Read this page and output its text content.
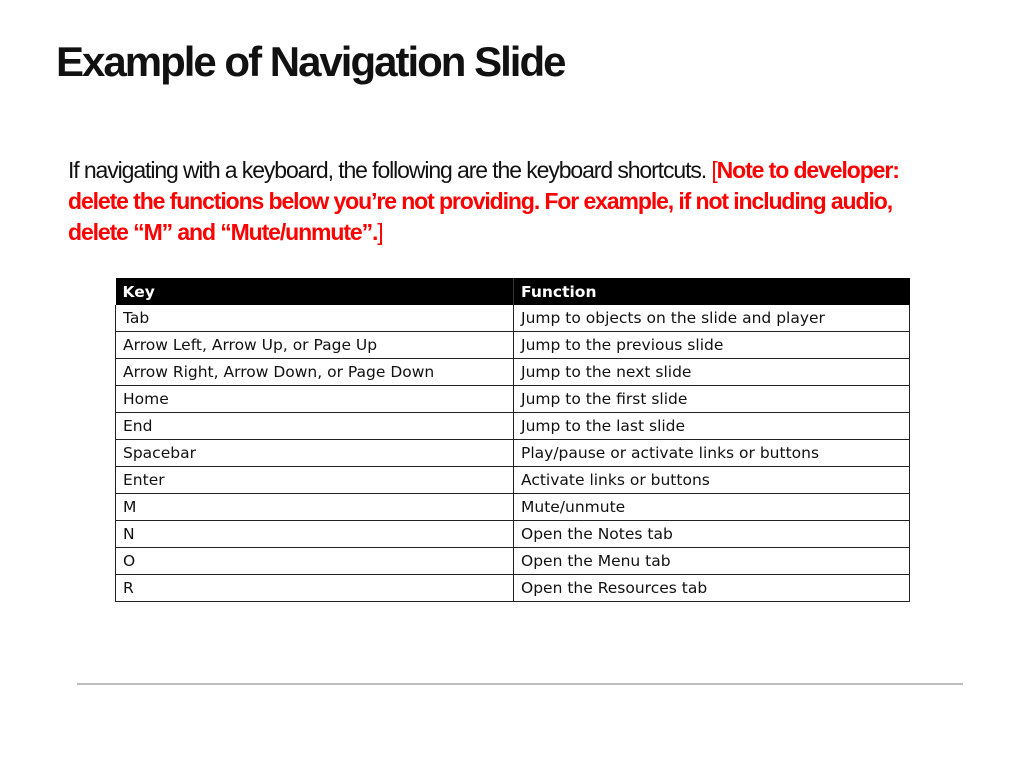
Example of Navigation Slide

If navigating with a keyboard, the following are the keyboard shortcuts. [Note to developer: delete the functions below you’re not providing. For example, if not including audio, delete “M” and “Mute/unmute”.]

Key	Function
Tab	Jump to objects on the slide and player
Arrow Left, Arrow Up, or Page Up	Jump to the previous slide
Arrow Right, Arrow Down, or Page Down	Jump to the next slide
Home	Jump to the first slide
End	Jump to the last slide
Spacebar	Play/pause or activate links or buttons
Enter	Activate links or buttons
M	Mute/unmute
N	Open the Notes tab
O	Open the Menu tab
R	Open the Resources tab
